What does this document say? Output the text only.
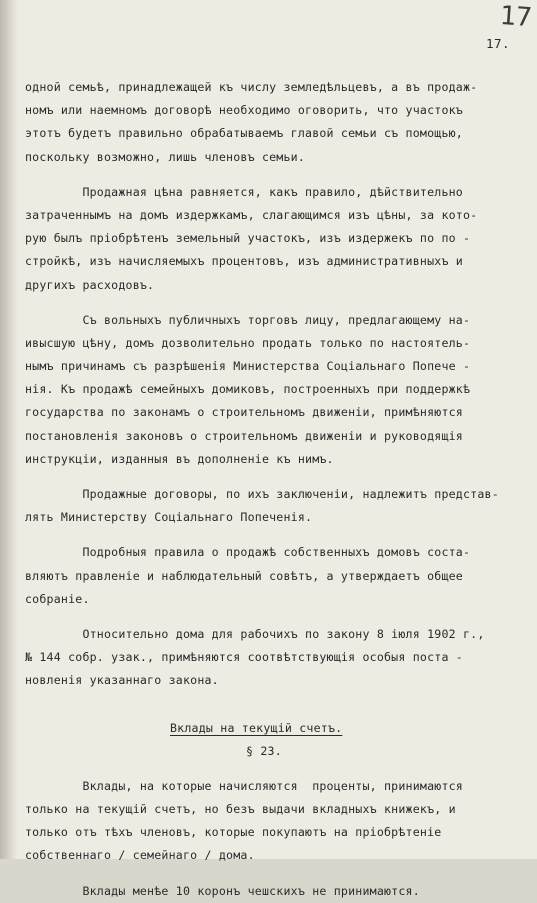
17
17.
одной семьѣ, принадлежащей къ числу земледѣльцевъ, а въ продаж-
номъ или наемномъ договорѣ необходимо оговорить, что участокъ
этотъ будетъ правильно обрабатываемъ главой семьи съ помощью,
поскольку возможно, лишь членовъ семьи.
Продажная цѣна равняется, какъ правило, дѣйствительно
затраченнымъ на домъ издержкамъ, слагающимся изъ цѣны, за кото-
рую былъ пріобрѣтенъ земельный участокъ, изъ издержекъ по по -
стройкѣ, изъ начисляемыхъ процентовъ, изъ административныхъ и
другихъ расходовъ.
Съ вольныхъ публичныхъ торговъ лицу, предлагающему на-
ивысшую цѣну, домъ дозволительно продать только по настоятель-
нымъ причинамъ съ разрѣшенія Министерства Соціальнаго Попече -
нія. Къ продажѣ семейныхъ домиковъ, построенныхъ при поддержкѣ
государства по законамъ о строительномъ движеніи, примѣняются
постановленія законовъ о строительномъ движеніи и руководящія
инструкціи, изданныя въ дополненіе къ нимъ.
Продажные договоры, по ихъ заключеніи, надлежитъ представ-
лять Министерству Соціальнаго Попеченія.
Подробныя правила о продажѣ собственныхъ домовъ соста-
вляютъ правленіе и наблюдательный совѣтъ, а утверждаетъ общее
собраніе.
Относительно дома для рабочихъ по закону 8 іюля 1902 г.,
№ 144 собр. узак., примѣняются соотвѣтствующія особыя поста -
новленія указаннаго закона.
Вклады на текущій счетъ.
§ 23.
Вклады, на которые начисляются  проценты, принимаются
только на текущій счетъ, но безъ выдачи вкладныхъ книжекъ, и
только отъ тѣхъ членовъ, которые покупаютъ на пріобрѣтеніе
собственнаго / семейнаго / дома.
Вклады менѣе 10 коронъ чешскихъ не принимаются.
